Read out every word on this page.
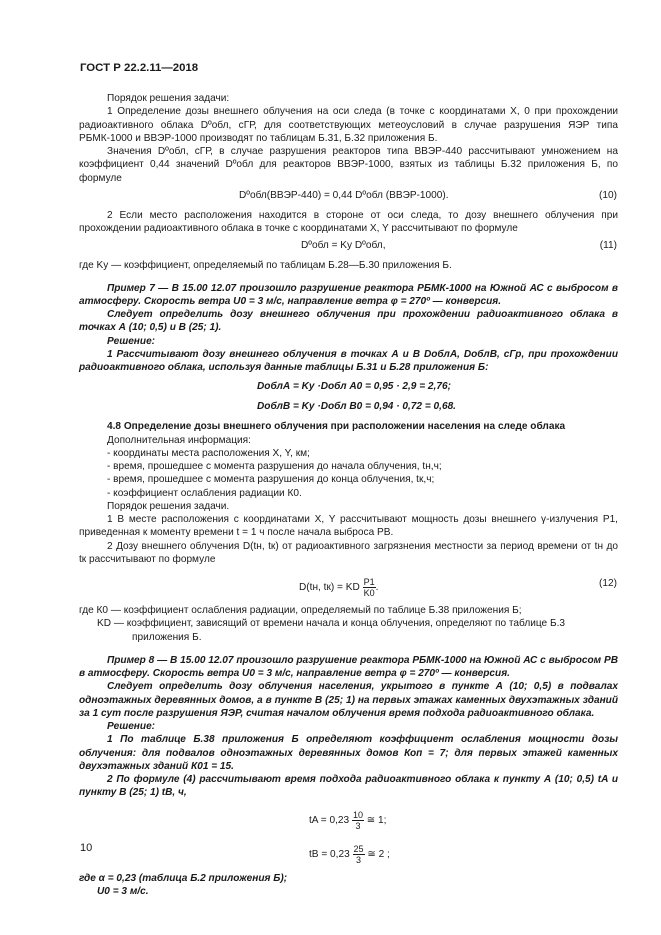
ГОСТ Р 22.2.11—2018

Порядок решения задачи:

1 Определение дозы внешнего облучения на оси следа (в точке с координатами X, 0 при прохождении радиоактивного облака Dºобл, сГР, для соответствующих метеоусловий в случае разрушения ЯЭР типа РБМК-1000 и ВВЭР-1000 производят по таблицам Б.31, Б.32 приложения Б.

Значения Dºобл, сГР, в случае разрушения реакторов типа ВВЭР-440 рассчитывают умножением на коэффициент 0,44 значений Dºобл для реакторов ВВЭР-1000, взятых из таблицы Б.32 приложения Б, по формуле

Dºобл(ВВЭР-440) = 0,44 Dºобл (ВВЭР-1000).	(10)

2 Если место расположения находится в стороне от оси следа, то дозу внешнего облучения при прохождении радиоактивного облака в точке с координатами X, Y рассчитывают по формуле

Dºобл = Ky Dºобл,	(11)

где Ky — коэффициент, определяемый по таблицам Б.28—Б.30 приложения Б.

Пример 7 — В 15.00 12.07 произошло разрушение реактора РБМК-1000 на Южной АС с выбросом в атмосферу. Скорость ветра U0 = 3 м/с, направление ветра φ = 270º — конверсия.

Следует определить дозу внешнего облучения при прохождении радиоактивного облака в точках А (10; 0,5) и В (25; 1).

Решение:

1 Рассчитывают дозу внешнего облучения в точках А и В DоблА, DоблВ, сГр, при прохождении радиоактивного облака, используя данные таблицы Б.31 и Б.28 приложения Б:

DоблА = Ky ·Dобл A0 = 0,95 · 2,9 = 2,76;
DоблВ = Ky ·Dобл B0 = 0,94 · 0,72 = 0,68.

4.8 Определение дозы внешнего облучения при расположении населения на следе облака

Дополнительная информация:

- координаты места расположения X, Y, км;

- время, прошедшее с момента разрушения до начала облучения, tн,ч;

- время, прошедшее с момента разрушения до конца облучения, tк,ч;

- коэффициент ослабления радиации К0.

Порядок решения задачи.

1 В месте расположения с координатами X, Y рассчитывают мощность дозы внешнего γ-излучения P1, приведенная к моменту времени t = 1 ч после начала выброса РВ.

2 Дозу внешнего облучения D(tн, tк) от радиоактивного загрязнения местности за период времени от tн до tк рассчитывают по формуле

D(tн, tк) = KD $\frac{P1}{K0}$ .	(12)

где К0 — коэффициент ослабления радиации, определяемый по таблице Б.38 приложения Б;

KD — коэффициент, зависящий от времени начала и конца облучения, определяют по таблице Б.3

приложения Б.

Пример 8 — В 15.00 12.07 произошло разрушение реактора РБМК-1000 на Южной АС с выбросом РВ в атмосферу. Скорость ветра U0 = 3 м/с, направление ветра φ = 270º — конверсия.

Следует определить дозу облучения населения, укрытого в пункте А (10; 0,5) в подвалах одноэтажных деревянных домов, а в пункте В (25; 1) на первых этажах каменных двухэтажных зданий за 1 сут после разрушения ЯЭР, считая началом облучения время подхода радиоактивного облака.

Решение:

1 По таблице Б.38 приложения Б определяют коэффициент ослабления мощности дозы облучения: для подвалов одноэтажных деревянных домов Коп = 7; для первых этажей каменных двухэтажных зданий К01 = 15.

2 По формуле (4) рассчитывают время подхода радиоактивного облака к пункту А (10; 0,5) tA и пункту В (25; 1) tB, ч,

tA = $0,23 \frac{10}{3}$ ≅ 1;
tB = $0,23 \frac{25}{3}$ ≅ 2 ;

где α = 0,23 (таблица Б.2 приложения Б);

U0 = 3 м/с.

10
